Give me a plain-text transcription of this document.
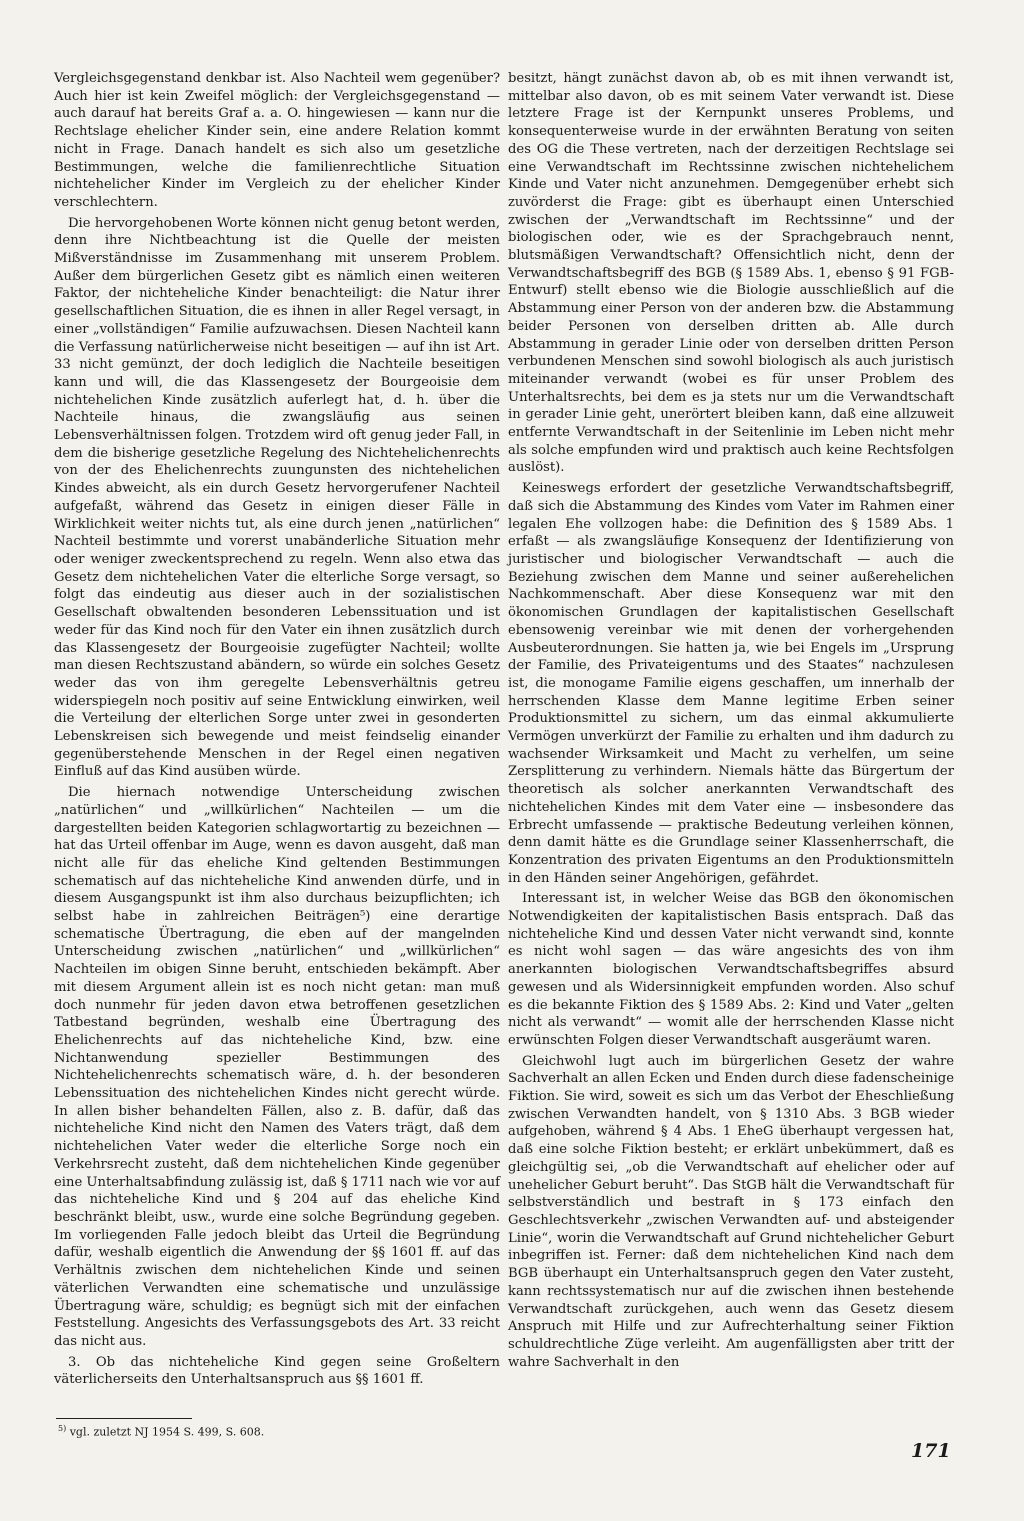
Vergleichsgegenstand denkbar ist. Also Nachteil wem gegenüber? Auch hier ist kein Zweifel möglich: der Vergleichsgegenstand — auch darauf hat bereits Graf a. a. O. hingewiesen — kann nur die Rechtslage ehelicher Kinder sein, eine andere Relation kommt nicht in Frage. Danach handelt es sich also um gesetzliche Bestimmungen, welche die familienrechtliche Situation nichtehelicher Kinder im Vergleich zu der ehelicher Kinder verschlechtern.

Die hervorgehobenen Worte können nicht genug betont werden, denn ihre Nichtbeachtung ist die Quelle der meisten Mißverständnisse im Zusammenhang mit unserem Problem. Außer dem bürgerlichen Gesetz gibt es nämlich einen weiteren Faktor, der nichteheliche Kinder benachteiligt: die Natur ihrer gesellschaftlichen Situation, die es ihnen in aller Regel versagt, in einer „vollständigen“ Familie aufzuwachsen. Diesen Nachteil kann die Verfassung natürlicherweise nicht beseitigen — auf ihn ist Art. 33 nicht gemünzt, der doch lediglich die Nachteile beseitigen kann und will, die das Klassengesetz der Bourgeoisie dem nichtehelichen Kinde zusätzlich auferlegt hat, d. h. über die Nachteile hinaus, die zwangsläufig aus seinen Lebensverhältnissen folgen. Trotzdem wird oft genug jeder Fall, in dem die bisherige gesetzliche Regelung des Nichtehelichenrechts von der des Ehelichenrechts zuungunsten des nichtehelichen Kindes abweicht, als ein durch Gesetz hervorgerufener Nachteil aufgefaßt, während das Gesetz in einigen dieser Fälle in Wirklichkeit weiter nichts tut, als eine durch jenen „natürlichen“ Nachteil bestimmte und vorerst unabänderliche Situation mehr oder weniger zweckentsprechend zu regeln. Wenn also etwa das Gesetz dem nichtehelichen Vater die elterliche Sorge versagt, so folgt das eindeutig aus dieser auch in der sozialistischen Gesellschaft obwaltenden besonderen Lebenssituation und ist weder für das Kind noch für den Vater ein ihnen zusätzlich durch das Klassengesetz der Bourgeoisie zugefügter Nachteil; wollte man diesen Rechtszustand abändern, so würde ein solches Gesetz weder das von ihm geregelte Lebensverhältnis getreu widerspiegeln noch positiv auf seine Entwicklung einwirken, weil die Verteilung der elterlichen Sorge unter zwei in gesonderten Lebenskreisen sich bewegende und meist feindselig einander gegenüberstehende Menschen in der Regel einen negativen Einfluß auf das Kind ausüben würde.

Die hiernach notwendige Unterscheidung zwischen „natürlichen“ und „willkürlichen“ Nachteilen — um die dargestellten beiden Kategorien schlagwortartig zu bezeichnen — hat das Urteil offenbar im Auge, wenn es davon ausgeht, daß man nicht alle für das eheliche Kind geltenden Bestimmungen schematisch auf das nichteheliche Kind anwenden dürfe, und in diesem Ausgangspunkt ist ihm also durchaus beizupflichten; ich selbst habe in zahlreichen Beiträgen⁵) eine derartige schematische Übertragung, die eben auf der mangelnden Unterscheidung zwischen „natürlichen“ und „willkürlichen“ Nachteilen im obigen Sinne beruht, entschieden bekämpft. Aber mit diesem Argument allein ist es noch nicht getan: man muß doch nunmehr für jeden davon etwa betroffenen gesetzlichen Tatbestand begründen, weshalb eine Übertragung des Ehelichenrechts auf das nichteheliche Kind, bzw. eine Nichtanwendung spezieller Bestimmungen des Nichtehelichenrechts schematisch wäre, d. h. der besonderen Lebenssituation des nichtehelichen Kindes nicht gerecht würde. In allen bisher behandelten Fällen, also z. B. dafür, daß das nichteheliche Kind nicht den Namen des Vaters trägt, daß dem nichtehelichen Vater weder die elterliche Sorge noch ein Verkehrsrecht zusteht, daß dem nichtehelichen Kinde gegenüber eine Unterhaltsabfindung zulässig ist, daß § 1711 nach wie vor auf das nichteheliche Kind und § 204 auf das eheliche Kind beschränkt bleibt, usw., wurde eine solche Begründung gegeben. Im vorliegenden Falle jedoch bleibt das Urteil die Begründung dafür, weshalb eigentlich die Anwendung der §§ 1601 ff. auf das Verhältnis zwischen dem nichtehelichen Kinde und seinen väterlichen Verwandten eine schematische und unzulässige Übertragung wäre, schuldig; es begnügt sich mit der einfachen Feststellung. Angesichts des Verfassungsgebots des Art. 33 reicht das nicht aus.

3. Ob das nichteheliche Kind gegen seine Großeltern väterlicherseits den Unterhaltsanspruch aus §§ 1601 ff.

besitzt, hängt zunächst davon ab, ob es mit ihnen verwandt ist, mittelbar also davon, ob es mit seinem Vater verwandt ist. Diese letztere Frage ist der Kernpunkt unseres Problems, und konsequenterweise wurde in der erwähnten Beratung von seiten des OG die These vertreten, nach der derzeitigen Rechtslage sei eine Verwandtschaft im Rechtssinne zwischen nichtehelichem Kinde und Vater nicht anzunehmen. Demgegenüber erhebt sich zuvörderst die Frage: gibt es überhaupt einen Unterschied zwischen der „Verwandtschaft im Rechtssinne“ und der biologischen oder, wie es der Sprachgebrauch nennt, blutsmäßigen Verwandtschaft? Offensichtlich nicht, denn der Verwandtschaftsbegriff des BGB (§ 1589 Abs. 1, ebenso § 91 FGB-Entwurf) stellt ebenso wie die Biologie ausschließlich auf die Abstammung einer Person von der anderen bzw. die Abstammung beider Personen von derselben dritten ab. Alle durch Abstammung in gerader Linie oder von derselben dritten Person verbundenen Menschen sind sowohl biologisch als auch juristisch miteinander verwandt (wobei es für unser Problem des Unterhaltsrechts, bei dem es ja stets nur um die Verwandtschaft in gerader Linie geht, unerörtert bleiben kann, daß eine allzuweit entfernte Verwandtschaft in der Seitenlinie im Leben nicht mehr als solche empfunden wird und praktisch auch keine Rechtsfolgen auslöst).

Keineswegs erfordert der gesetzliche Verwandtschaftsbegriff, daß sich die Abstammung des Kindes vom Vater im Rahmen einer legalen Ehe vollzogen habe: die Definition des § 1589 Abs. 1 erfaßt — als zwangsläufige Konsequenz der Identifizierung von juristischer und biologischer Verwandtschaft — auch die Beziehung zwischen dem Manne und seiner außerehelichen Nachkommenschaft. Aber diese Konsequenz war mit den ökonomischen Grundlagen der kapitalistischen Gesellschaft ebensowenig vereinbar wie mit denen der vorhergehenden Ausbeuterordnungen. Sie hatten ja, wie bei Engels im „Ursprung der Familie, des Privateigentums und des Staates“ nachzulesen ist, die monogame Familie eigens geschaffen, um innerhalb der herrschenden Klasse dem Manne legitime Erben seiner Produktionsmittel zu sichern, um das einmal akkumulierte Vermögen unverkürzt der Familie zu erhalten und ihm dadurch zu wachsender Wirksamkeit und Macht zu verhelfen, um seine Zersplitterung zu verhindern. Niemals hätte das Bürgertum der theoretisch als solcher anerkannten Verwandtschaft des nichtehelichen Kindes mit dem Vater eine — insbesondere das Erbrecht umfassende — praktische Bedeutung verleihen können, denn damit hätte es die Grundlage seiner Klassenherrschaft, die Konzentration des privaten Eigentums an den Produktionsmitteln in den Händen seiner Angehörigen, gefährdet.

Interessant ist, in welcher Weise das BGB den ökonomischen Notwendigkeiten der kapitalistischen Basis entsprach. Daß das nichteheliche Kind und dessen Vater nicht verwandt sind, konnte es nicht wohl sagen — das wäre angesichts des von ihm anerkannten biologischen Verwandtschaftsbegriffes absurd gewesen und als Widersinnigkeit empfunden worden. Also schuf es die bekannte Fiktion des § 1589 Abs. 2: Kind und Vater „gelten nicht als verwandt“ — womit alle der herrschenden Klasse nicht erwünschten Folgen dieser Verwandtschaft ausgeräumt waren.

Gleichwohl lugt auch im bürgerlichen Gesetz der wahre Sachverhalt an allen Ecken und Enden durch diese fadenscheinige Fiktion. Sie wird, soweit es sich um das Verbot der Eheschließung zwischen Verwandten handelt, von § 1310 Abs. 3 BGB wieder aufgehoben, während § 4 Abs. 1 EheG überhaupt vergessen hat, daß eine solche Fiktion besteht; er erklärt unbekümmert, daß es gleichgültig sei, „ob die Verwandtschaft auf ehelicher oder auf unehelicher Geburt beruht“. Das StGB hält die Verwandtschaft für selbstverständlich und bestraft in § 173 einfach den Geschlechtsverkehr „zwischen Verwandten auf- und absteigender Linie“, worin die Verwandtschaft auf Grund nichtehelicher Geburt inbegriffen ist. Ferner: daß dem nichtehelichen Kind nach dem BGB überhaupt ein Unterhaltsanspruch gegen den Vater zusteht, kann rechtssystematisch nur auf die zwischen ihnen bestehende Verwandtschaft zurückgehen, auch wenn das Gesetz diesem Anspruch mit Hilfe und zur Aufrechterhaltung seiner Fiktion schuldrechtliche Züge verleiht. Am augenfälligsten aber tritt der wahre Sachverhalt in den

$^{5)}$ vgl. zuletzt NJ 1954 S. 499, S. 608.
171
